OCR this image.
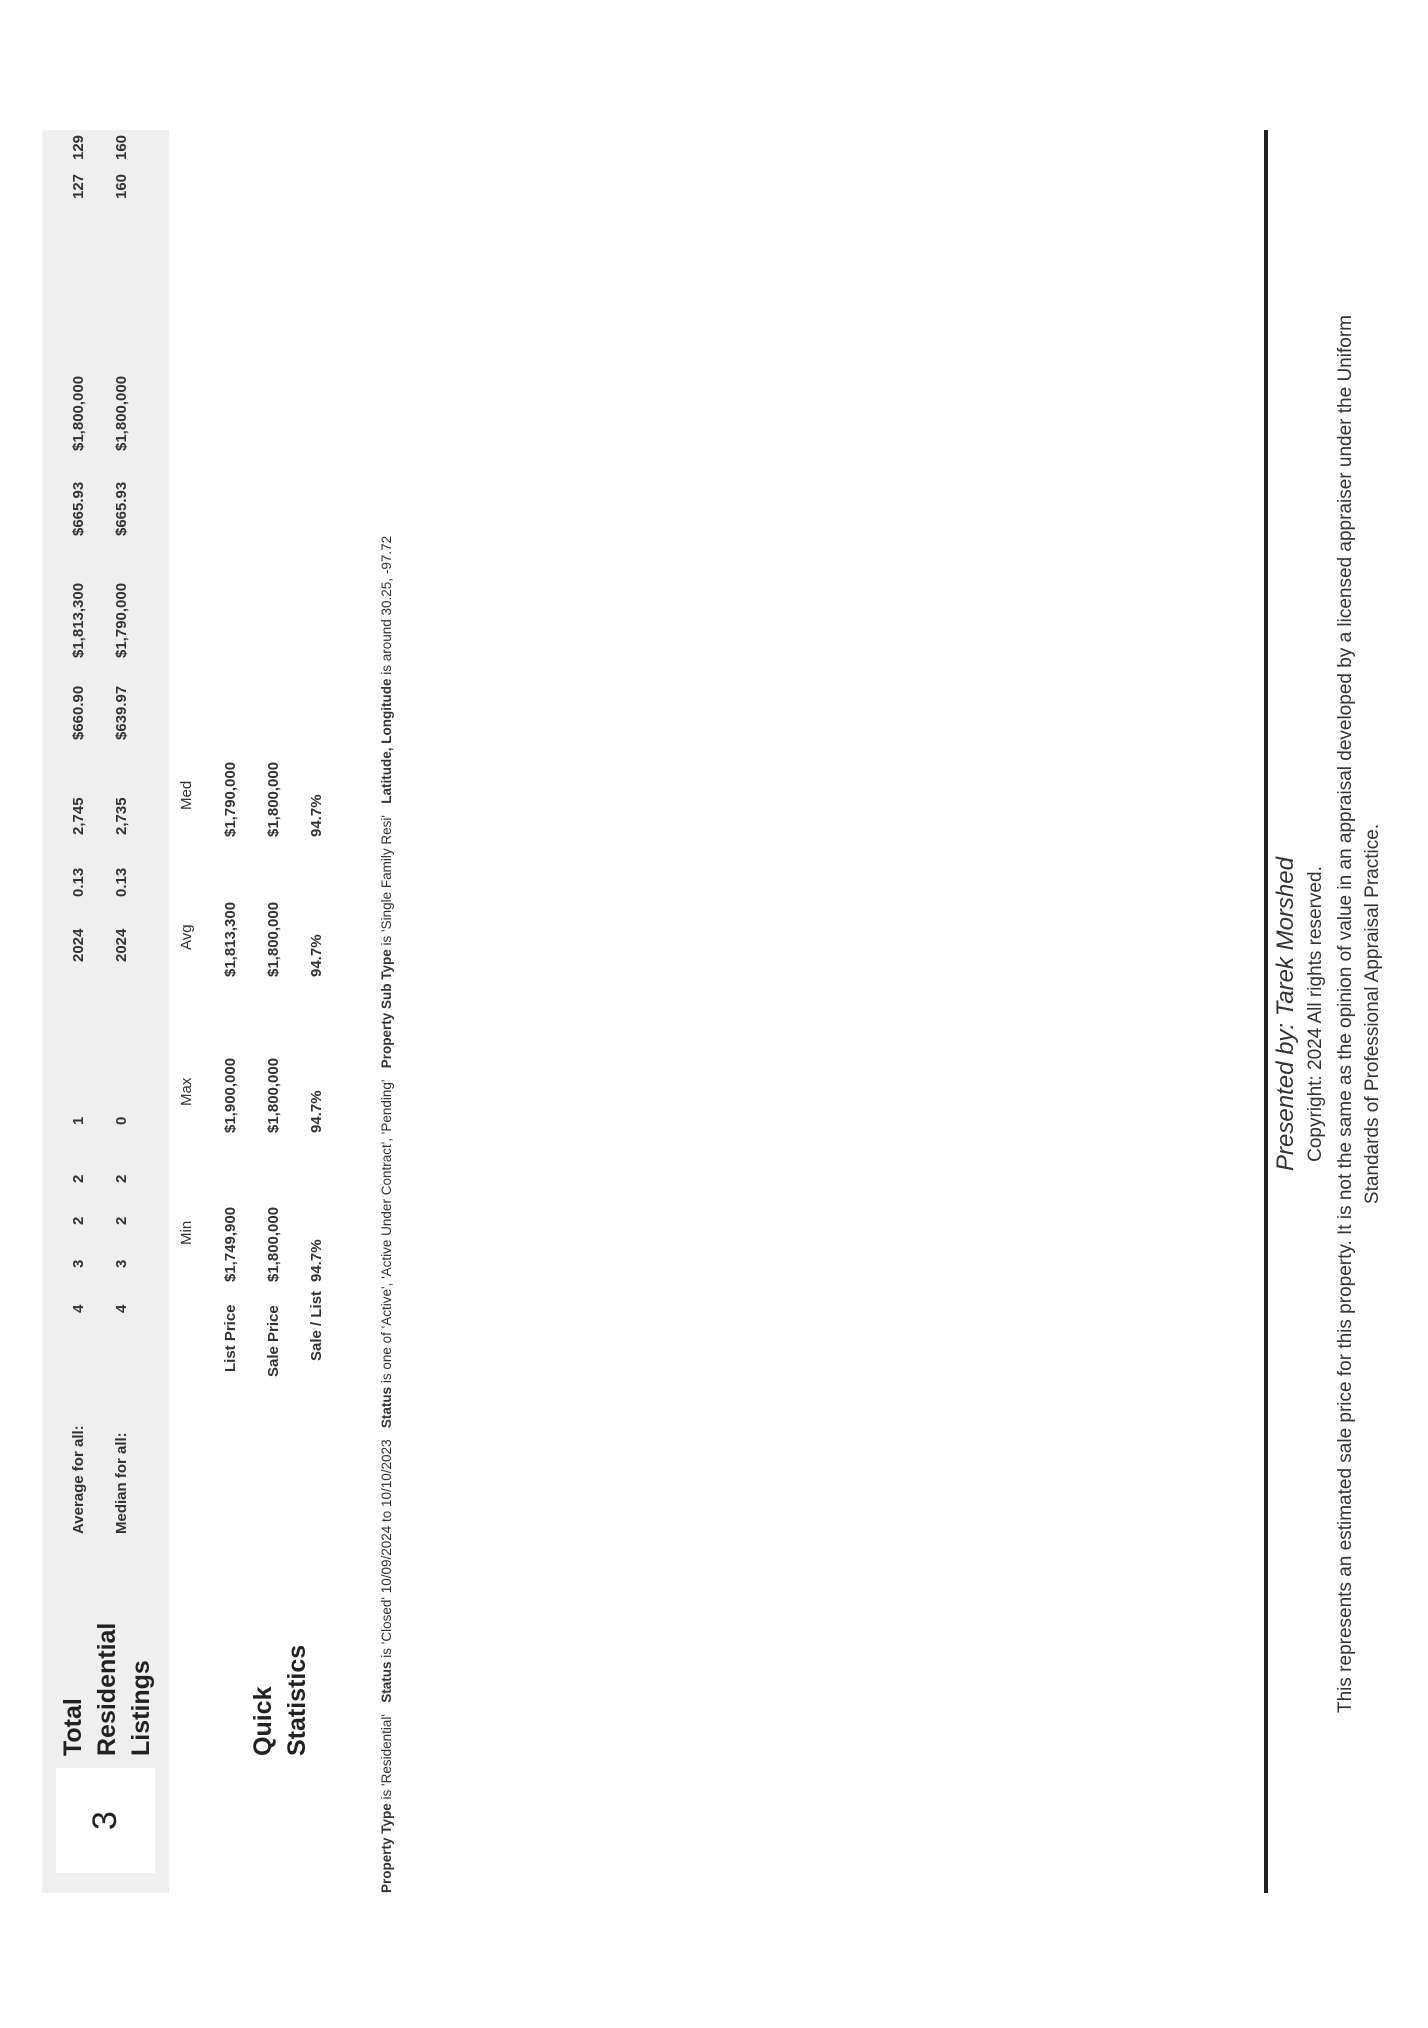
3
Total Residential Listings
Average for all: Median for all:
4
3
2
2
1
2024
0.13
2,745
$660.90
$1,813,300
$665.93
$1,800,000
127
129
4
3
2
2
0
2024
0.13
2,735
$639.97
$1,790,000
$665.93
$1,800,000
160
160
Quick Statistics
Min
Max
Avg
Med
List Price
$1,749,900
$1,900,000
$1,813,300
$1,790,000
Sale Price
$1,800,000
$1,800,000
$1,800,000
$1,800,000
Sale / List
94.7%
94.7%
94.7%
94.7%
Property Type is 'Residential'   Status is 'Closed' 10/09/2024 to 10/10/2023   Status is one of 'Active', 'Active Under Contract', 'Pending'   Property Sub Type is 'Single Family Resi'   Latitude, Longitude is around 30.25, -97.72
Presented by: Tarek Morshed Copyright: 2024 All rights reserved. This represents an estimated sale price for this property. It is not the same as the opinion of value in an appraisal developed by a licensed appraiser under the Uniform Standards of Professional Appraisal Practice.
